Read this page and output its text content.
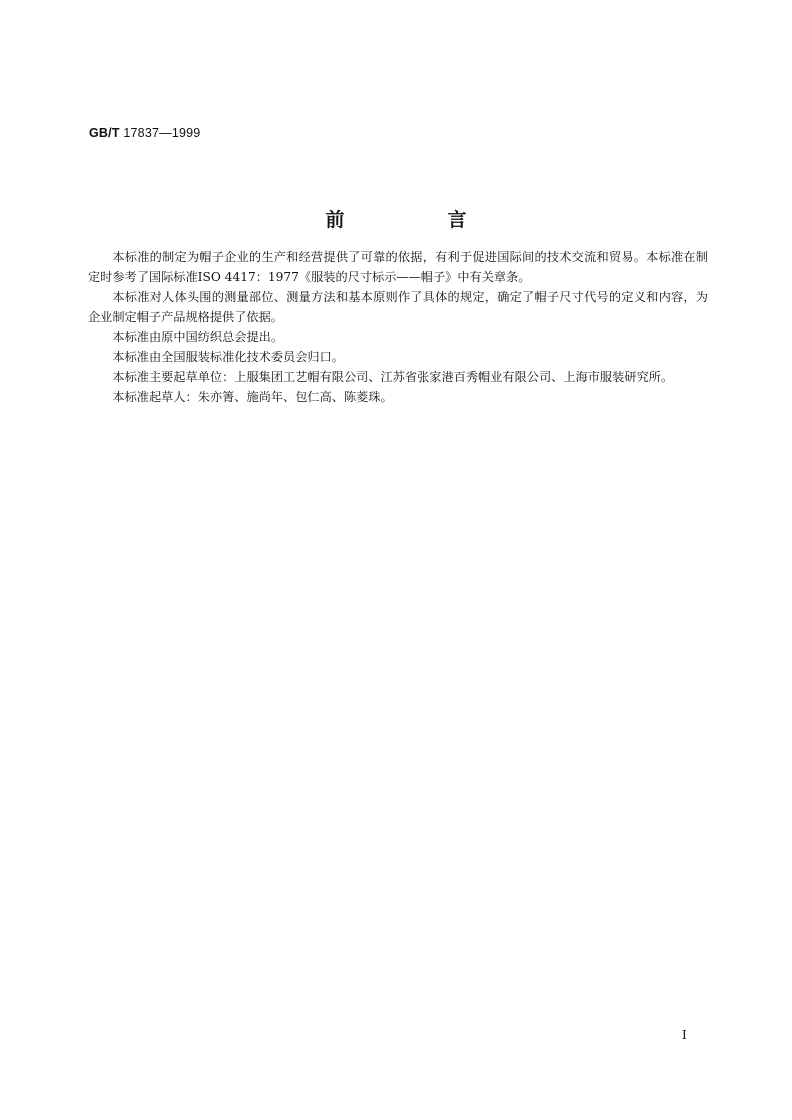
GB/T 17837—1999
前　言

本标准的制定为帽子企业的生产和经营提供了可靠的依据，有利于促进国际间的技术交流和贸易。本标准在制定时参考了国际标准ISO 4417：1977《服装的尺寸标示——帽子》中有关章条。

本标准对人体头围的测量部位、测量方法和基本原则作了具体的规定，确定了帽子尺寸代号的定义和内容，为企业制定帽子产品规格提供了依据。

本标准由原中国纺织总会提出。

本标准由全国服装标准化技术委员会归口。

本标准主要起草单位：上服集团工艺帽有限公司、江苏省张家港百秀帽业有限公司、上海市服装研究所。

本标准起草人：朱亦箐、施尚年、包仁高、陈菱珠。

I
